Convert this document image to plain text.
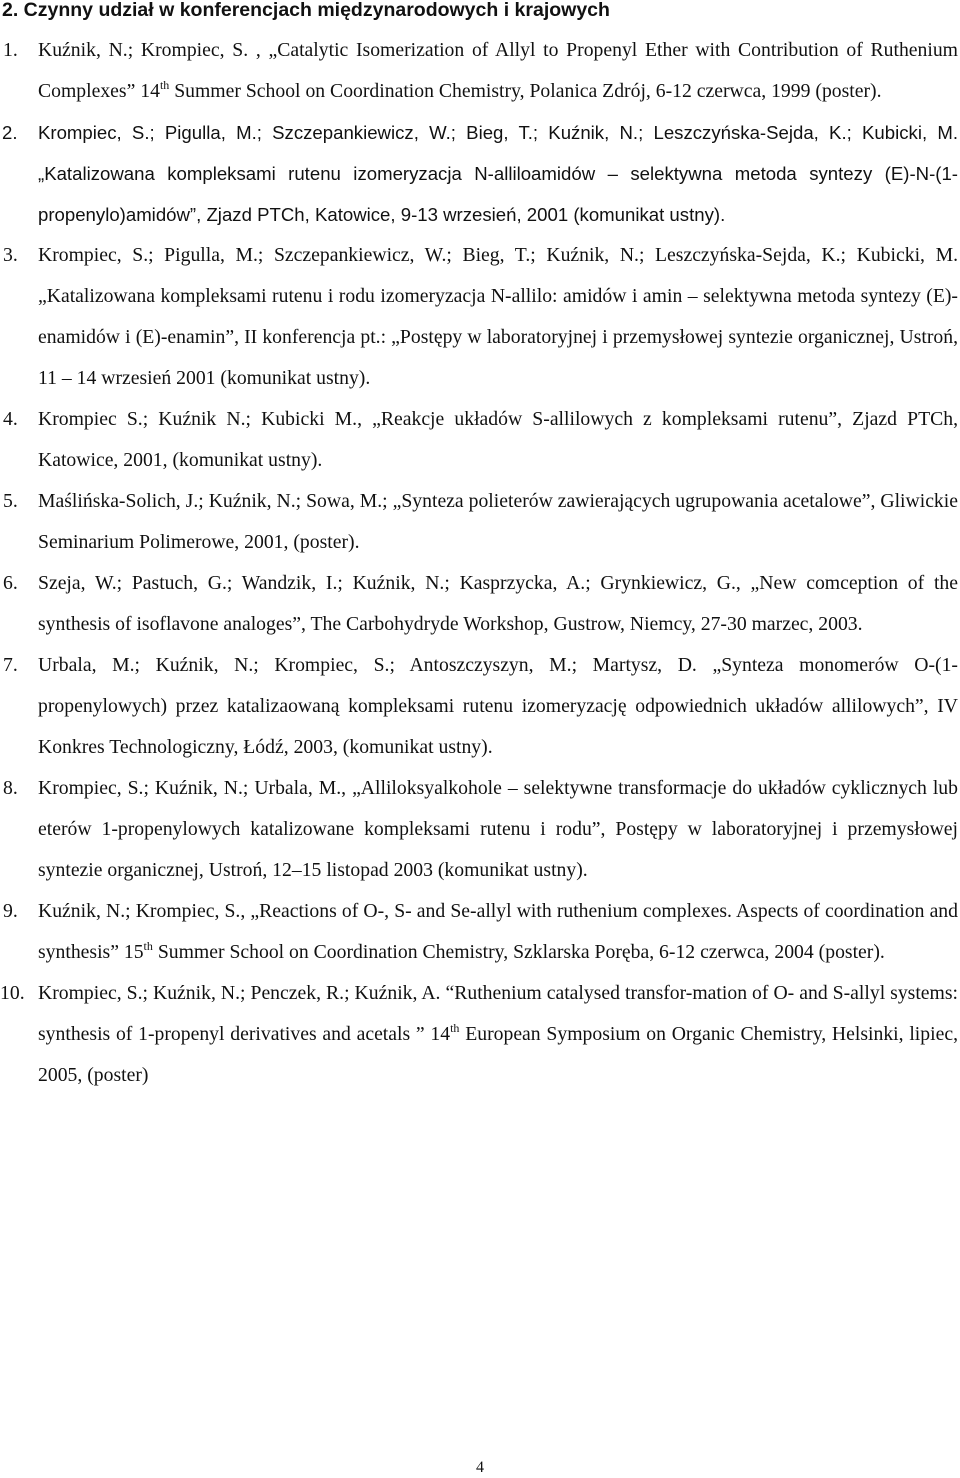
2. Czynny udział w konferencjach międzynarodowych i krajowych
1. Kuźnik, N.; Krompiec, S. , „Catalytic Isomerization of Allyl to Propenyl Ether with Contribution of Ruthenium Complexes” 14th Summer School on Coordination Chemistry, Polanica Zdrój, 6-12 czerwca, 1999 (poster).
2. Krompiec, S.; Pigulla, M.; Szczepankiewicz, W.; Bieg, T.; Kuźnik, N.; Leszczyńska-Sejda, K.; Kubicki, M. „Katalizowana kompleksami rutenu izomeryzacja N-alliloamidów – selektywna metoda syntezy (E)-N-(1-propenylo)amidów”, Zjazd PTCh, Katowice, 9-13 wrzesień, 2001 (komunikat ustny).
3. Krompiec, S.; Pigulla, M.; Szczepankiewicz, W.; Bieg, T.; Kuźnik, N.; Leszczyńska-Sejda, K.; Kubicki, M. „Katalizowana kompleksami rutenu i rodu izomeryzacja N-allilo: amidów i amin – selektywna metoda syntezy (E)-enamidów i (E)-enamin”, II konferencja pt.: „Postępy w laboratoryjnej i przemysłowej syntezie organicznej, Ustroń, 11 – 14 wrzesień 2001 (komunikat ustny).
4. Krompiec S.; Kuźnik N.; Kubicki M., „Reakcje układów S-allilowych z kompleksami rutenu”, Zjazd PTCh, Katowice, 2001, (komunikat ustny).
5. Maślińska-Solich, J.; Kuźnik, N.; Sowa, M.; „Synteza polieterów zawierających ugrupowania acetalowe”, Gliwickie Seminarium Polimerowe, 2001, (poster).
6. Szeja, W.; Pastuch, G.; Wandzik, I.; Kuźnik, N.; Kasprzycka, A.; Grynkiewicz, G., „New comception of the synthesis of isoflavone analoges”, The Carbohydryde Workshop, Gustrow, Niemcy, 27-30 marzec, 2003.
7. Urbala, M.; Kuźnik, N.; Krompiec, S.; Antoszczyszyn, M.; Martysz, D. „Synteza monomerów O-(1-propenylowych) przez katalizaowaną kompleksami rutenu izomeryzację odpowiednich układów allilowych”, IV Konkres Technologiczny, Łódź, 2003, (komunikat ustny).
8. Krompiec, S.; Kuźnik, N.; Urbala, M., „Alliloksyalkohole – selektywne transformacje do układów cyklicznych lub eterów 1-propenylowych katalizowane kompleksami rutenu i rodu”, Postępy w laboratoryjnej i przemysłowej syntezie organicznej, Ustroń, 12–15 listopad 2003 (komunikat ustny).
9. Kuźnik, N.; Krompiec, S., „Reactions of O-, S- and Se-allyl with ruthenium complexes. Aspects of coordination and synthesis” 15th Summer School on Coordination Chemistry, Szklarska Poręba, 6-12 czerwca, 2004 (poster).
10. Krompiec, S.; Kuźnik, N.; Penczek, R.; Kuźnik, A. “Ruthenium catalysed transfor-mation of O- and S-allyl systems: synthesis of 1-propenyl derivatives and acetals ” 14th European Symposium on Organic Chemistry, Helsinki, lipiec, 2005, (poster)
4
